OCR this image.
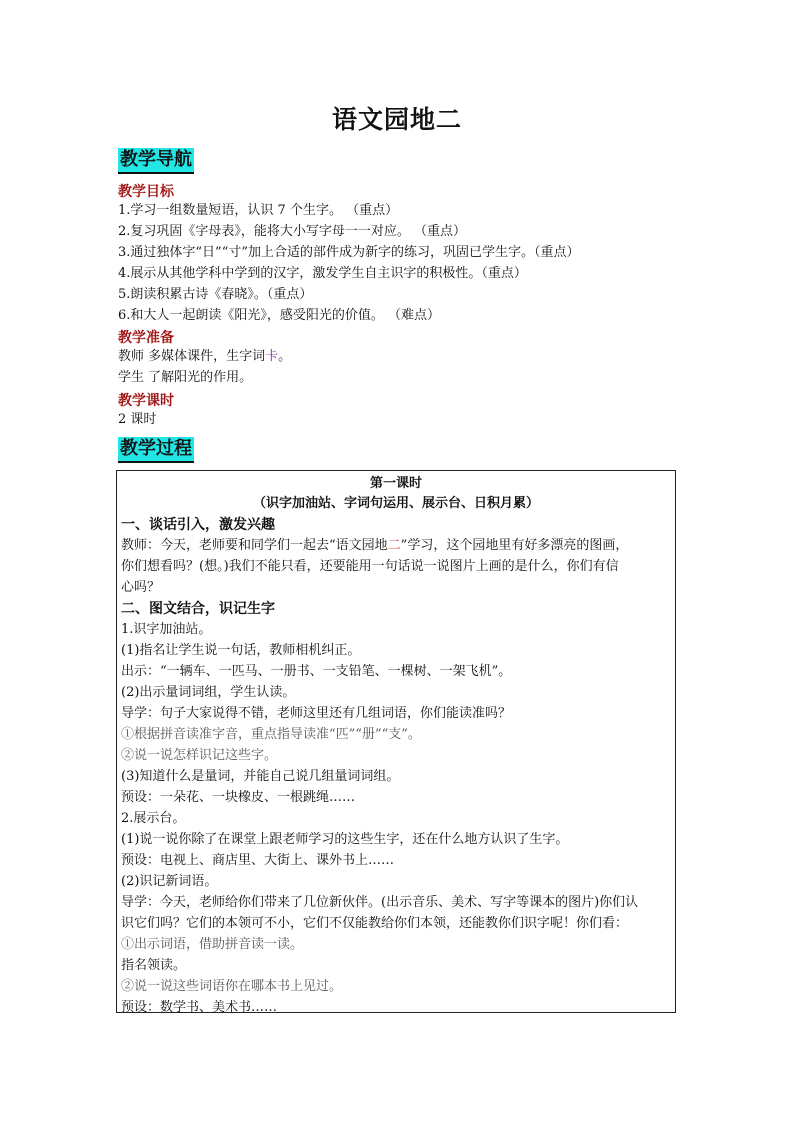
语文园地二
教学导航
教学目标
1.学习一组数量短语，认识 7 个生字。 （重点）
2.复习巩固《字母表》，能将大小写字母一一对应。 （重点）
3.通过独体字“日”“寸”加上合适的部件成为新字的练习，巩固已学生字。（重点）
4.展示从其他学科中学到的汉字，激发学生自主识字的积极性。（重点）
5.朗读积累古诗《春晓》。（重点）
6.和大人一起朗读《阳光》，感受阳光的价值。 （难点）
教学准备
教师 多媒体课件，生字词卡。
学生 了解阳光的作用。
教学课时
2 课时
教学过程
第一课时
（识字加油站、字词句运用、展示台、日积月累）
一、谈话引入，激发兴趣
教师：今天，老师要和同学们一起去“语文园地二”学习，这个园地里有好多漂亮的图画，
你们想看吗？(想。)我们不能只看，还要能用一句话说一说图片上画的是什么，你们有信
心吗？
二、图文结合，识记生字
1.识字加油站。
(1)指名让学生说一句话，教师相机纠正。
出示：“一辆车、一匹马、一册书、一支铅笔、一棵树、一架飞机”。
(2)出示量词词组，学生认读。
导学：句子大家说得不错，老师这里还有几组词语，你们能读准吗？
①根据拼音读准字音，重点指导读准“匹”“册”“支”。
②说一说怎样识记这些字。
(3)知道什么是量词，并能自己说几组量词词组。
预设：一朵花、一块橡皮、一根跳绳……
2.展示台。
(1)说一说你除了在课堂上跟老师学习的这些生字，还在什么地方认识了生字。
预设：电视上、商店里、大街上、课外书上……
(2)识记新词语。
导学：今天，老师给你们带来了几位新伙伴。(出示音乐、美术、写字等课本的图片)你们认
识它们吗？它们的本领可不小，它们不仅能教给你们本领，还能教你们识字呢！你们看：
①出示词语，借助拼音读一读。
指名领读。
②说一说这些词语你在哪本书上见过。
预设：数学书、美术书……
